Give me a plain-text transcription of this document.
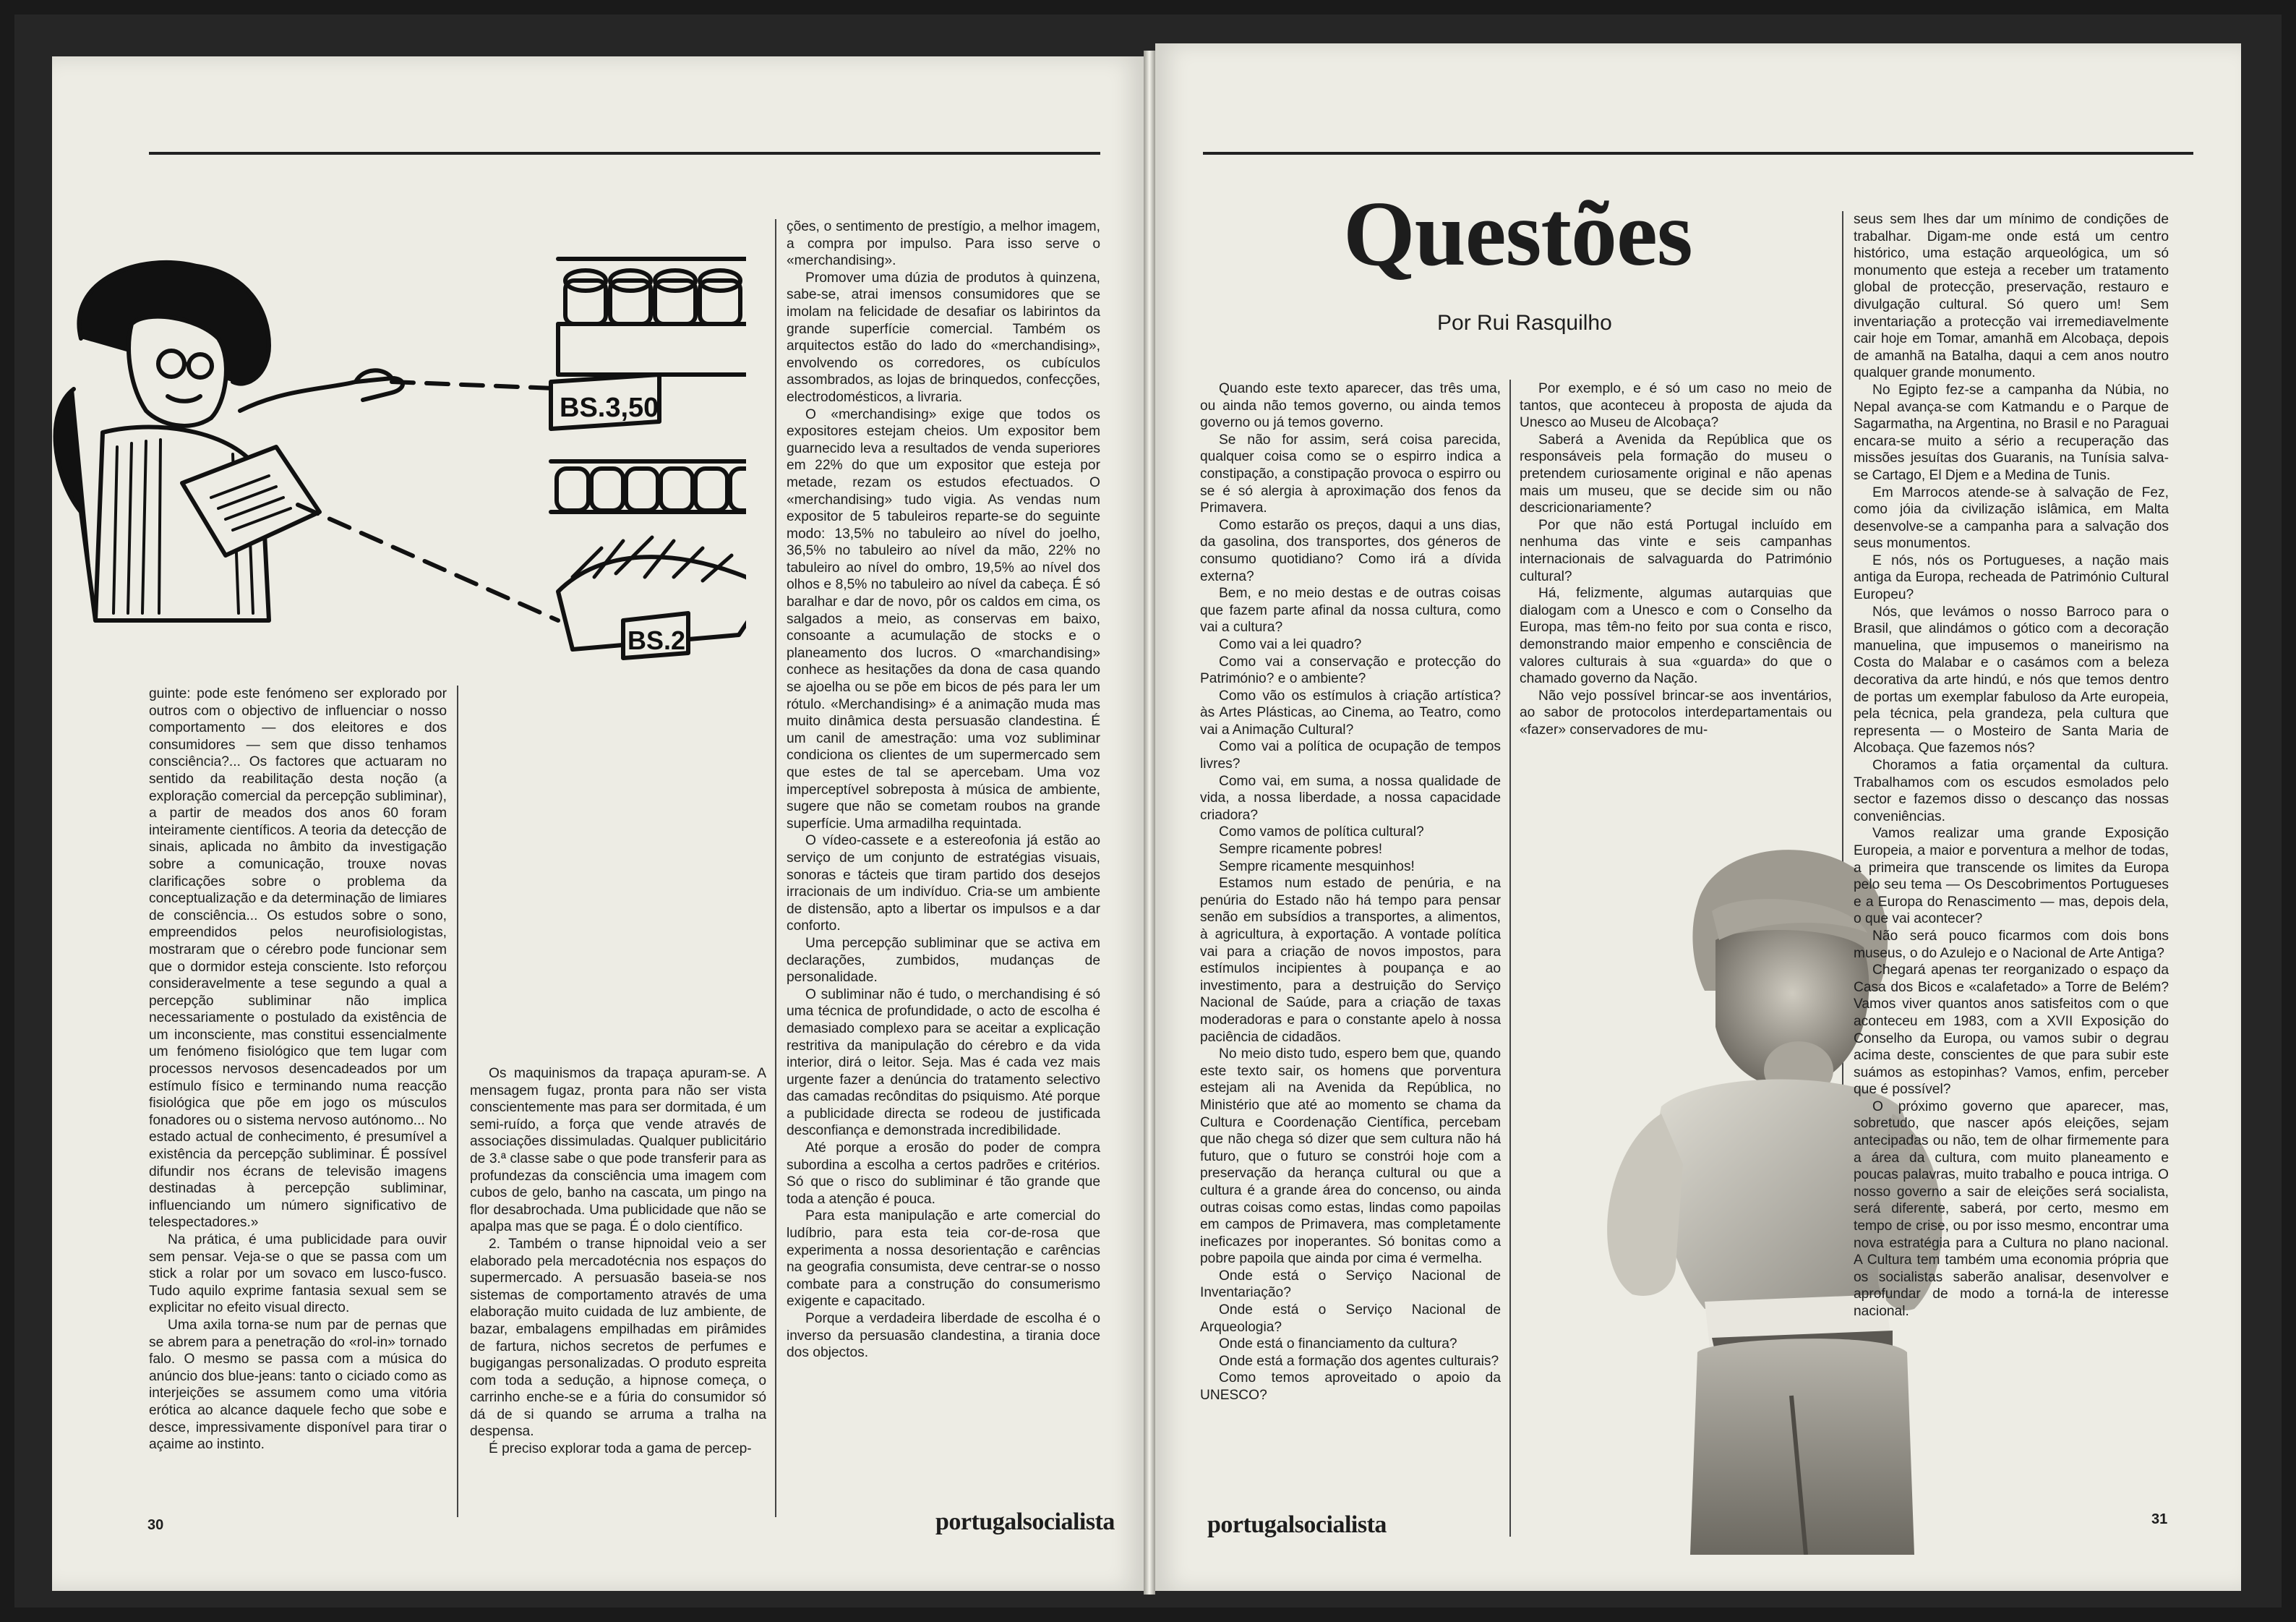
BS.3,50
BS.2

guinte: pode este fenómeno ser explorado por outros com o objectivo de influenciar o nosso comportamento — dos eleitores e dos consumidores — sem que disso tenhamos consciência?... Os factores que actuaram no sentido da reabilitação desta noção (a exploração comercial da percepção subliminar), a partir de meados dos anos 60 foram inteiramente científicos. A teoria da detecção de sinais, aplicada no âmbito da investigação sobre a comunicação, trouxe novas clarificações sobre o problema da conceptualização e da determinação de limiares de consciência... Os estudos sobre o sono, empreendidos pelos neurofisiologistas, mostraram que o cérebro pode funcionar sem que o dormidor esteja consciente. Isto reforçou consideravelmente a tese segundo a qual a percepção subliminar não implica necessariamente o postulado da existência de um inconsciente, mas constitui essencialmente um fenómeno fisiológico que tem lugar com processos nervosos desencadeados por um estímulo físico e terminando numa reacção fisiológica que põe em jogo os músculos fonadores ou o sistema nervoso autónomo... No estado actual de conhecimento, é presumível a existência da percepção subliminar. É possível difundir nos écrans de televisão imagens destinadas à percepção subliminar, influenciando um número significativo de telespectadores.»

Na prática, é uma publicidade para ouvir sem pensar. Veja-se o que se passa com um stick a rolar por um sovaco em lusco-fusco. Tudo aquilo exprime fantasia sexual sem se explicitar no efeito visual directo.

Uma axila torna-se num par de pernas que se abrem para a penetração do «rol-in» tornado falo. O mesmo se passa com a música do anúncio dos blue-jeans: tanto o ciciado como as interjeições se assumem como uma vitória erótica ao alcance daquele fecho que sobe e desce, impressivamente disponível para tirar o açaime ao instinto.

Os maquinismos da trapaça apuram-se. A mensagem fugaz, pronta para não ser vista conscientemente mas para ser dormitada, é um semi-ruído, a força que vende através de associações dissimuladas. Qualquer publicitário de 3.ª classe sabe o que pode transferir para as profundezas da consciência uma imagem com cubos de gelo, banho na cascata, um pingo na flor desabrochada. Uma publicidade que não se apalpa mas que se paga. É o dolo científico.

2. Também o transe hipnoidal veio a ser elaborado pela mercadotécnia nos espaços do supermercado. A persuasão baseia-se nos sistemas de comportamento através de uma elaboração muito cuidada de luz ambiente, de bazar, embalagens empilhadas em pirâmides de fartura, nichos secretos de perfumes e bugigangas personalizadas. O produto espreita com toda a sedução, a hipnose começa, o carrinho enche-se e a fúria do consumidor só dá de si quando se arruma a tralha na despensa.

É preciso explorar toda a gama de percep-

ções, o sentimento de prestígio, a melhor imagem, a compra por impulso. Para isso serve o «merchandising».

Promover uma dúzia de produtos à quinzena, sabe-se, atrai imensos consumidores que se imolam na felicidade de desafiar os labirintos da grande superfície comercial. Também os arquitectos estão do lado do «merchandising», envolvendo os corredores, os cubículos assombrados, as lojas de brinquedos, confecções, electrodomésticos, a livraria.

O «merchandising» exige que todos os expositores estejam cheios. Um expositor bem guarnecido leva a resultados de venda superiores em 22% do que um expositor que esteja por metade, rezam os estudos efectuados. O «merchandising» tudo vigia. As vendas num expositor de 5 tabuleiros reparte-se do seguinte modo: 13,5% no tabuleiro ao nível do joelho, 36,5% no tabuleiro ao nível da mão, 22% no tabuleiro ao nível do ombro, 19,5% ao nível dos olhos e 8,5% no tabuleiro ao nível da cabeça. É só baralhar e dar de novo, pôr os caldos em cima, os salgados a meio, as conservas em baixo, consoante a acumulação de stocks e o planeamento dos lucros. O «marchandising» conhece as hesitações da dona de casa quando se ajoelha ou se põe em bicos de pés para ler um rótulo. «Merchandising» é a animação muda mas muito dinâmica desta persuasão clandestina. É um canil de amestração: uma voz subliminar condiciona os clientes de um supermercado sem que estes de tal se apercebam. Uma voz imperceptível sobreposta à música de ambiente, sugere que não se cometam roubos na grande superfície. Uma armadilha requintada.

O vídeo-cassete e a estereofonia já estão ao serviço de um conjunto de estratégias visuais, sonoras e tácteis que tiram partido dos desejos irracionais de um indivíduo. Cria-se um ambiente de distensão, apto a libertar os impulsos e a dar conforto.

Uma percepção subliminar que se activa em declarações, zumbidos, mudanças de personalidade.

O subliminar não é tudo, o merchandising é só uma técnica de profundidade, o acto de escolha é demasiado complexo para se aceitar a explicação restritiva da manipulação do cérebro e da vida interior, dirá o leitor. Seja. Mas é cada vez mais urgente fazer a denúncia do tratamento selectivo das camadas recônditas do psiquismo. Até porque a publicidade directa se rodeou de justificada desconfiança e demonstrada incredibilidade.

Até porque a erosão do poder de compra subordina a escolha a certos padrões e critérios. Só que o risco do subliminar é tão grande que toda a atenção é pouca.

Para esta manipulação e arte comercial do ludíbrio, para esta teia cor-de-rosa que experimenta a nossa desorientação e carências na geografia consumista, deve centrar-se o nosso combate para a construção do consumerismo exigente e capacitado.

Porque a verdadeira liberdade de escolha é o inverso da persuasão clandestina, a tirania doce dos objectos.

30	portugalsocialista
Questões
Por Rui Rasquilho

Quando este texto aparecer, das três uma, ou ainda não temos governo, ou ainda temos governo ou já temos governo.

Se não for assim, será coisa parecida, qualquer coisa como se o espirro indica a constipação, a constipação provoca o espirro ou se é só alergia à aproximação dos fenos da Primavera.

Como estarão os preços, daqui a uns dias, da gasolina, dos transportes, dos géneros de consumo quotidiano? Como irá a dívida externa?

Bem, e no meio destas e de outras coisas que fazem parte afinal da nossa cultura, como vai a cultura?

Como vai a lei quadro?

Como vai a conservação e protecção do Património? e o ambiente?

Como vão os estímulos à criação artística? às Artes Plásticas, ao Cinema, ao Teatro, como vai a Animação Cultural?

Como vai a política de ocupação de tempos livres?

Como vai, em suma, a nossa qualidade de vida, a nossa liberdade, a nossa capacidade criadora?

Como vamos de política cultural?

Sempre ricamente pobres!

Sempre ricamente mesquinhos!

Estamos num estado de penúria, e na penúria do Estado não há tempo para pensar senão em subsídios a transportes, a alimentos, à agricultura, à exportação. A vontade política vai para a criação de novos impostos, para estímulos incipientes à poupança e ao investimento, para a destruição do Serviço Nacional de Saúde, para a criação de taxas moderadoras e para o constante apelo à nossa paciência de cidadãos.

No meio disto tudo, espero bem que, quando este texto sair, os homens que porventura estejam ali na Avenida da República, no Ministério que até ao momento se chama da Cultura e Coordenação Científica, percebam que não chega só dizer que sem cultura não há futuro, que o futuro se constrói hoje com a preservação da herança cultural ou que a cultura é a grande área do concenso, ou ainda outras coisas como estas, lindas como papoilas em campos de Primavera, mas completamente ineficazes por inoperantes. Só bonitas como a pobre papoila que ainda por cima é vermelha.

Onde está o Serviço Nacional de Inventariação?

Onde está o Serviço Nacional de Arqueologia?

Onde está o financiamento da cultura?

Onde está a formação dos agentes culturais?

Como temos aproveitado o apoio da UNESCO?

Por exemplo, e é só um caso no meio de tantos, que aconteceu à proposta de ajuda da Unesco ao Museu de Alcobaça?

Saberá a Avenida da República que os responsáveis pela formação do museu o pretendem curiosamente original e não apenas mais um museu, que se decide sim ou não descricionariamente?

Por que não está Portugal incluído em nenhuma das vinte e seis campanhas internacionais de salvaguarda do Património cultural?

Há, felizmente, algumas autarquias que dialogam com a Unesco e com o Conselho da Europa, mas têm-no feito por sua conta e risco, demonstrando maior empenho e consciência de valores culturais à sua «guarda» do que o chamado governo da Nação.

Não vejo possível brincar-se aos inventários, ao sabor de protocolos interdepartamentais ou «fazer» conservadores de mu-

seus sem lhes dar um mínimo de condições de trabalhar. Digam-me onde está um centro histórico, uma estação arqueológica, um só monumento que esteja a receber um tratamento global de protecção, preservação, restauro e divulgação cultural. Só quero um! Sem inventariação a protecção vai irremediavelmente cair hoje em Tomar, amanhã em Alcobaça, depois de amanhã na Batalha, daqui a cem anos noutro qualquer grande monumento.

No Egipto fez-se a campanha da Núbia, no Nepal avança-se com Katmandu e o Parque de Sagarmatha, na Argentina, no Brasil e no Paraguai encara-se muito a sério a recuperação das missões jesuítas dos Guaranis, na Tunísia salva-se Cartago, El Djem e a Medina de Tunis.

Em Marrocos atende-se à salvação de Fez, como jóia da civilização islâmica, em Malta desenvolve-se a campanha para a salvação dos seus monumentos.

E nós, nós os Portugueses, a nação mais antiga da Europa, recheada de Património Cultural Europeu?

Nós, que levámos o nosso Barroco para o Brasil, que alindámos o gótico com a decoração manuelina, que impusemos o maneirismo na Costa do Malabar e o casámos com a beleza decorativa da arte hindú, e nós que temos dentro de portas um exemplar fabuloso da Arte europeia, pela técnica, pela grandeza, pela cultura que representa — o Mosteiro de Santa Maria de Alcobaça. Que fazemos nós?

Choramos a fatia orçamental da cultura. Trabalhamos com os escudos esmolados pelo sector e fazemos disso o descanço das nossas conveniências.

Vamos realizar uma grande Exposição Europeia, a maior e porventura a melhor de todas, a primeira que transcende os limites da Europa pelo seu tema — Os Descobrimentos Portugueses e a Europa do Renascimento — mas, depois dela, o que vai acontecer?

Não será pouco ficarmos com dois bons museus, o do Azulejo e o Nacional de Arte Antiga?

Chegará apenas ter reorganizado o espaço da Casa dos Bicos e «calafetado» a Torre de Belém? Vamos viver quantos anos satisfeitos com o que aconteceu em 1983, com a XVII Exposição do Conselho da Europa, ou vamos subir o degrau acima deste, conscientes de que para subir este suámos as estopinhas? Vamos, enfim, perceber que é possível?

O próximo governo que aparecer, mas, sobretudo, que nascer após eleições, sejam antecipadas ou não, tem de olhar firmemente para a área da cultura, com muito planeamento e poucas palavras, muito trabalho e pouca intriga. O nosso governo a sair de eleições será socialista, será diferente, saberá, por certo, mesmo em tempo de crise, ou por isso mesmo, encontrar uma nova estratégia para a Cultura no plano nacional. A Cultura tem também uma economia própria que os socialistas saberão analisar, desenvolver e aprofundar de modo a torná-la de interesse nacional.

portugalsocialista	31
